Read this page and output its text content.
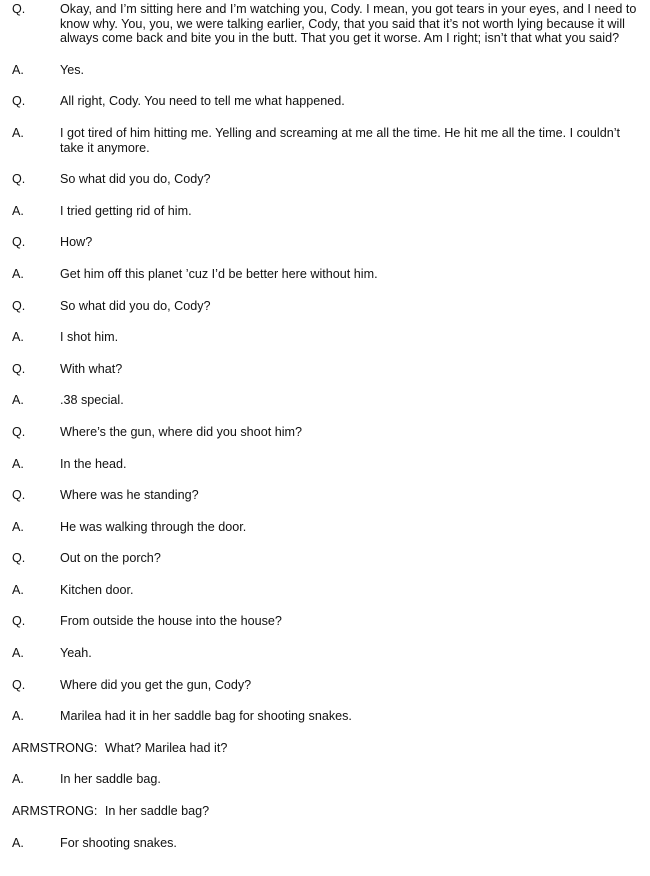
Q.	Okay, and I’m sitting here and I’m watching you, Cody. I mean, you got tears in your eyes, and I need to know why. You, you, we were talking earlier, Cody, that you said that it’s not worth lying because it will always come back and bite you in the butt. That you get it worse. Am I right; isn’t that what you said?
A.	Yes.
Q.	All right, Cody. You need to tell me what happened.
A.	I got tired of him hitting me. Yelling and screaming at me all the time. He hit me all the time. I couldn’t take it anymore.
Q.	So what did you do, Cody?
A.	I tried getting rid of him.
Q.	How?
A.	Get him off this planet ’cuz I’d be better here without him.
Q.	So what did you do, Cody?
A.	I shot him.
Q.	With what?
A.	.38 special.
Q.	Where’s the gun, where did you shoot him?
A.	In the head.
Q.	Where was he standing?
A.	He was walking through the door.
Q.	Out on the porch?
A.	Kitchen door.
Q.	From outside the house into the house?
A.	Yeah.
Q.	Where did you get the gun, Cody?
A.	Marilea had it in her saddle bag for shooting snakes.
ARMSTRONG: What? Marilea had it?
A.	In her saddle bag.
ARMSTRONG: In her saddle bag?
A.	For shooting snakes.
